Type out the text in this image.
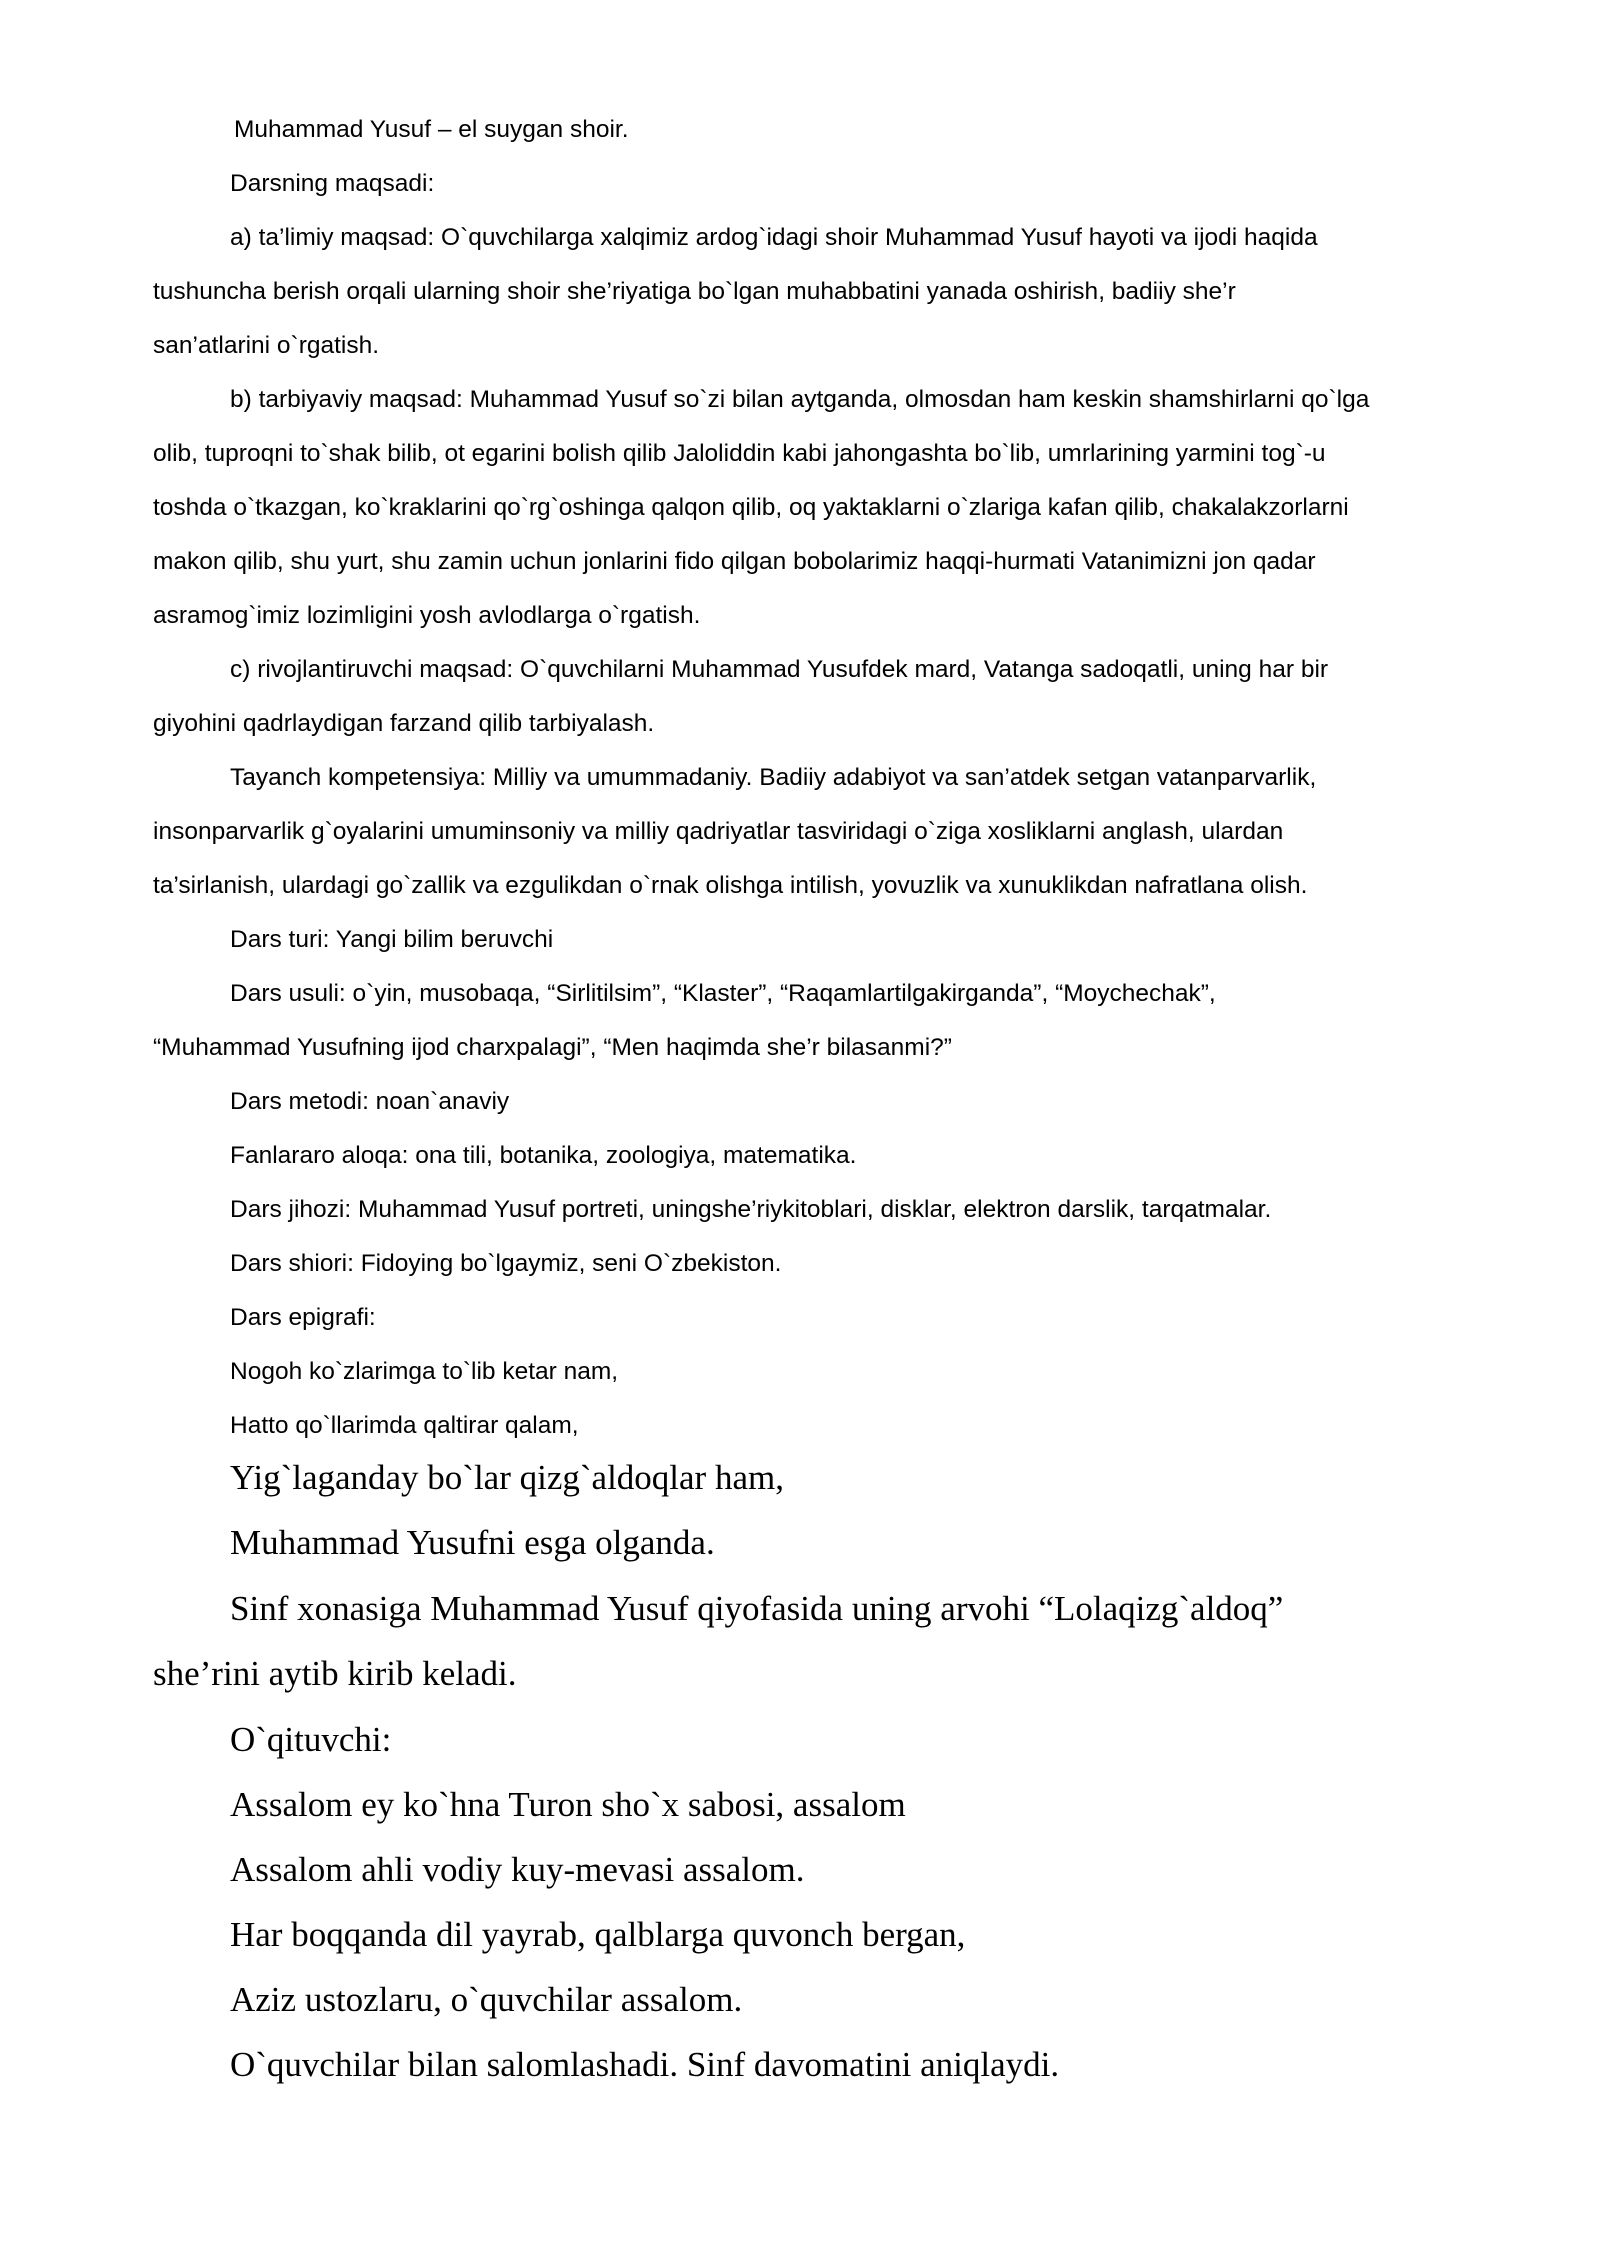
Muhammad Yusuf – el suygan shoir.
Darsning maqsadi:
a) ta’limiy maqsad: O`quvchilarga xalqimiz ardog`idagi shoir Muhammad Yusuf hayoti va ijodi haqida
tushuncha berish orqali ularning shoir she’riyatiga bo`lgan muhabbatini yanada oshirish, badiiy she’r
san’atlarini o`rgatish.
b) tarbiyaviy maqsad: Muhammad Yusuf so`zi bilan aytganda, olmosdan ham keskin shamshirlarni qo`lga
olib, tuproqni to`shak bilib, ot egarini bolish qilib Jaloliddin kabi jahongashta bo`lib, umrlarining yarmini tog`-u
toshda o`tkazgan, ko`kraklarini qo`rg`oshinga qalqon qilib, oq yaktaklarni o`zlariga kafan qilib, chakalakzorlarni
makon qilib, shu yurt, shu zamin uchun jonlarini fido qilgan bobolarimiz haqqi-hurmati Vatanimizni jon qadar
asramog`imiz lozimligini yosh avlodlarga o`rgatish.
c) rivojlantiruvchi maqsad: O`quvchilarni Muhammad Yusufdek mard, Vatanga sadoqatli, uning har bir
giyohini qadrlaydigan farzand qilib tarbiyalash.
Tayanch kompetensiya: Milliy va umummadaniy. Badiiy adabiyot va san’atdek setgan vatanparvarlik,
insonparvarlik g`oyalarini umuminsoniy va milliy qadriyatlar tasviridagi o`ziga xosliklarni anglash, ulardan
ta’sirlanish, ulardagi go`zallik va ezgulikdan o`rnak olishga intilish, yovuzlik va xunuklikdan nafratlana olish.
Dars turi: Yangi bilim beruvchi
Dars usuli: o`yin, musobaqa, “Sirlitilsim”, “Klaster”, “Raqamlartilgakirganda”, “Moychechak”,
“Muhammad Yusufning ijod charxpalagi”, “Men haqimda she’r bilasanmi?”
Dars metodi: noan`anaviy
Fanlararo aloqa: ona tili, botanika, zoologiya, matematika.
Dars jihozi: Muhammad Yusuf portreti, uningshe’riykitoblari, disklar, elektron darslik, tarqatmalar.
Dars shiori: Fidoying bo`lgaymiz, seni O`zbekiston.
Dars epigrafi:
Nogoh ko`zlarimga to`lib ketar nam,
Hatto qo`llarimda qaltirar qalam,
Yig`laganday bo`lar qizg`aldoqlar ham,
Muhammad Yusufni esga olganda.
Sinf xonasiga Muhammad Yusuf qiyofasida uning arvohi “Lolaqizg`aldoq”
she’rini aytib kirib keladi.
O`qituvchi:
Assalom ey ko`hna Turon sho`x sabosi, assalom
Assalom ahli vodiy kuy-mevasi assalom.
Har boqqanda dil yayrab, qalblarga quvonch bergan,
Aziz ustozlaru, o`quvchilar assalom.
O`quvchilar bilan salomlashadi. Sinf davomatini aniqlaydi.
